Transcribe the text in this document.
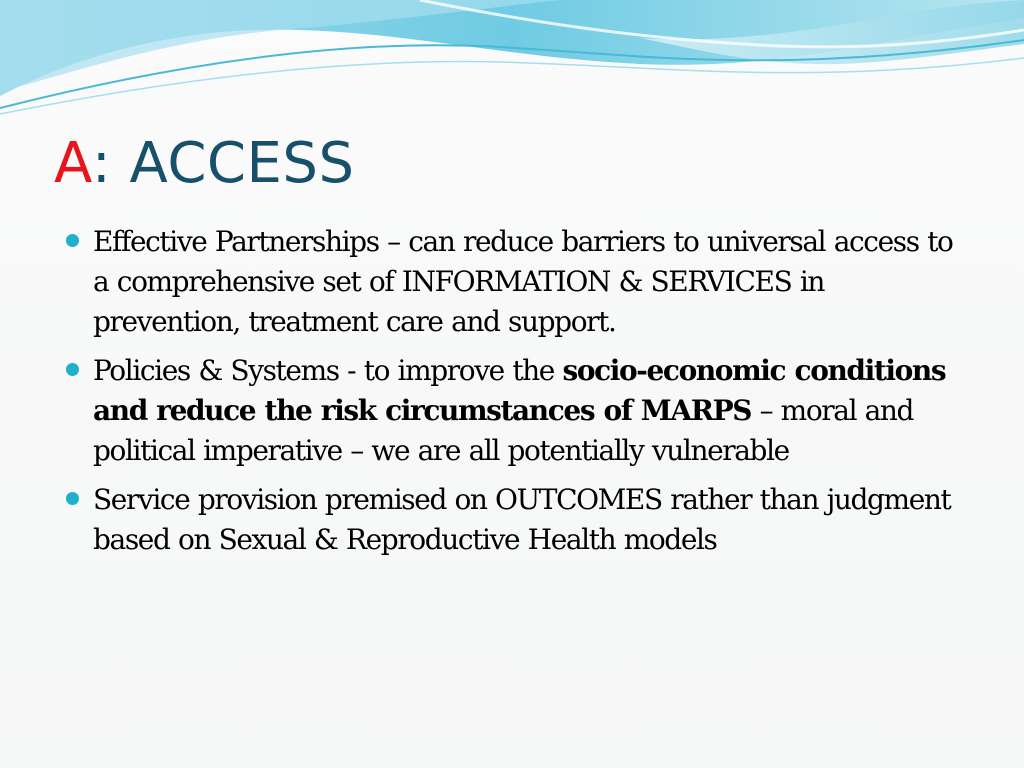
A: ACCESS
Effective Partnerships – can reduce barriers to universal access to a comprehensive set of INFORMATION & SERVICES in prevention, treatment care and support.
Policies & Systems - to improve the socio-economic conditions and reduce the risk circumstances of MARPS – moral and political imperative – we are all potentially vulnerable
Service provision premised on OUTCOMES rather than judgment based on Sexual & Reproductive Health models
